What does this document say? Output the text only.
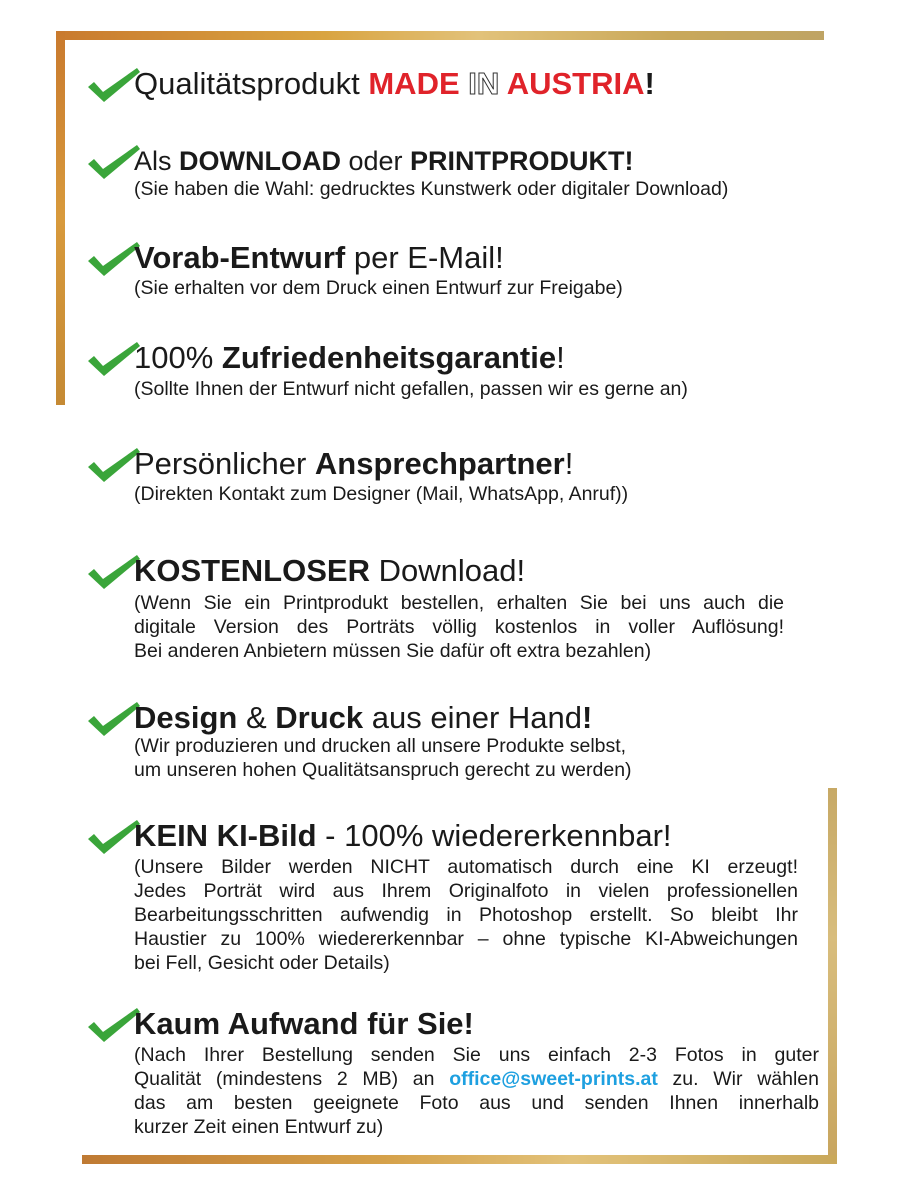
Qualitätsprodukt MADE IN AUSTRIA!
Als DOWNLOAD oder PRINTPRODUKT!
(Sie haben die Wahl: gedrucktes Kunstwerk oder digitaler Download)
Vorab-Entwurf per E-Mail!
(Sie erhalten vor dem Druck einen Entwurf zur Freigabe)
100% Zufriedenheitsgarantie!
(Sollte Ihnen der Entwurf nicht gefallen, passen wir es gerne an)
Persönlicher Ansprechpartner!
(Direkten Kontakt zum Designer (Mail, WhatsApp, Anruf))
KOSTENLOSER Download!
(Wenn Sie ein Printprodukt bestellen, erhalten Sie bei uns auch die
digitale Version des Porträts völlig kostenlos in voller Auflösung!
Bei anderen Anbietern müssen Sie dafür oft extra bezahlen)
Design & Druck aus einer Hand!
(Wir produzieren und drucken all unsere Produkte selbst,
um unseren hohen Qualitätsanspruch gerecht zu werden)
KEIN KI-Bild - 100% wiedererkennbar!
(Unsere Bilder werden NICHT automatisch durch eine KI erzeugt!
Jedes Porträt wird aus Ihrem Originalfoto in vielen professionellen
Bearbeitungsschritten aufwendig in Photoshop erstellt. So bleibt Ihr
Haustier zu 100% wiedererkennbar – ohne typische KI-Abweichungen
bei Fell, Gesicht oder Details)
Kaum Aufwand für Sie!
(Nach Ihrer Bestellung senden Sie uns einfach 2-3 Fotos in guter
Qualität (mindestens 2 MB) an office@sweet-prints.at zu. Wir wählen
das am besten geeignete Foto aus und senden Ihnen innerhalb
kurzer Zeit einen Entwurf zu)
